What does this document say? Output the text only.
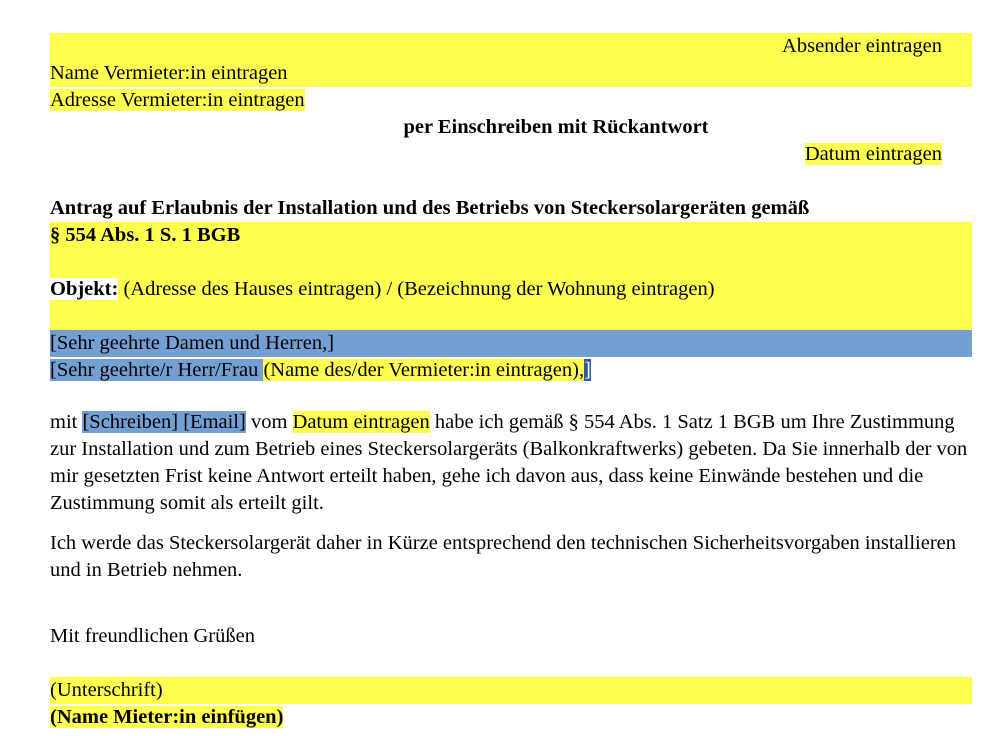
Absender eintragen
Name Vermieter:in eintragen
Adresse Vermieter:in eintragen
per Einschreiben mit Rückantwort
Datum eintragen
Antrag auf Erlaubnis der Installation und des Betriebs von Steckersolargeräten gemäß
§ 554 Abs. 1 S. 1 BGB
Objekt: (Adresse des Hauses eintragen) / (Bezeichnung der Wohnung eintragen)
[Sehr geehrte Damen und Herren,]
[Sehr geehrte/r Herr/Frau (Name des/der Vermieter:in eintragen),]
mit [Schreiben] [Email] vom Datum eintragen habe ich gemäß § 554 Abs. 1 Satz 1 BGB um Ihre Zustimmung zur Installation und zum Betrieb eines Steckersolargeräts (Balkonkraftwerks) gebeten. Da Sie innerhalb der von mir gesetzten Frist keine Antwort erteilt haben, gehe ich davon aus, dass keine Einwände bestehen und die Zustimmung somit als erteilt gilt.
Ich werde das Steckersolargerät daher in Kürze entsprechend den technischen Sicherheitsvorgaben installieren und in Betrieb nehmen.
Mit freundlichen Grüßen
(Unterschrift)
(Name Mieter:in einfügen)
